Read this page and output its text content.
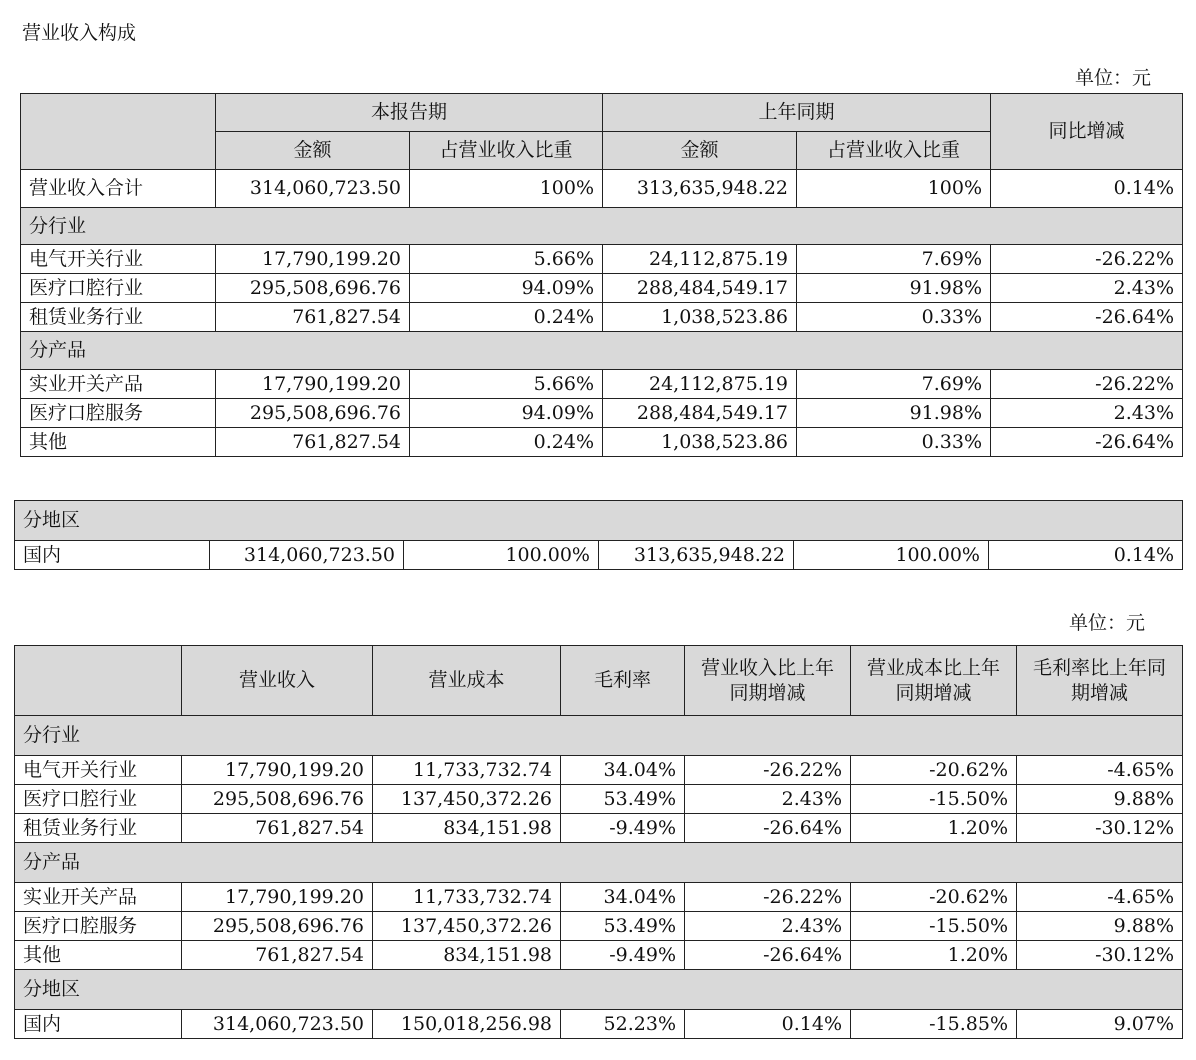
营业收入构成
单位：元
	本报告期		上年同期		同比增减
	金额	占营业收入比重	金额	占营业收入比重	
营业收入合计	314,060,723.50	100%	313,635,948.22	100%	0.14%
分行业					
电气开关行业	17,790,199.20	5.66%	24,112,875.19	7.69%	-26.22%
医疗口腔行业	295,508,696.76	94.09%	288,484,549.17	91.98%	2.43%
租赁业务行业	761,827.54	0.24%	1,038,523.86	0.33%	-26.64%
分产品					
实业开关产品	17,790,199.20	5.66%	24,112,875.19	7.69%	-26.22%
医疗口腔服务	295,508,696.76	94.09%	288,484,549.17	91.98%	2.43%
其他	761,827.54	0.24%	1,038,523.86	0.33%	-26.64%
分地区
国内	314,060,723.50	100.00%	313,635,948.22	100.00%	0.14%
单位：元
	营业收入	营业成本	毛利率	营业收入比上年同期增减	营业成本比上年同期增减	毛利率比上年同期增减
分行业						
电气开关行业	17,790,199.20	11,733,732.74	34.04%	-26.22%	-20.62%	-4.65%
医疗口腔行业	295,508,696.76	137,450,372.26	53.49%	2.43%	-15.50%	9.88%
租赁业务行业	761,827.54	834,151.98	-9.49%	-26.64%	1.20%	-30.12%
分产品						
实业开关产品	17,790,199.20	11,733,732.74	34.04%	-26.22%	-20.62%	-4.65%
医疗口腔服务	295,508,696.76	137,450,372.26	53.49%	2.43%	-15.50%	9.88%
其他	761,827.54	834,151.98	-9.49%	-26.64%	1.20%	-30.12%
分地区						
国内	314,060,723.50	150,018,256.98	52.23%	0.14%	-15.85%	9.07%
